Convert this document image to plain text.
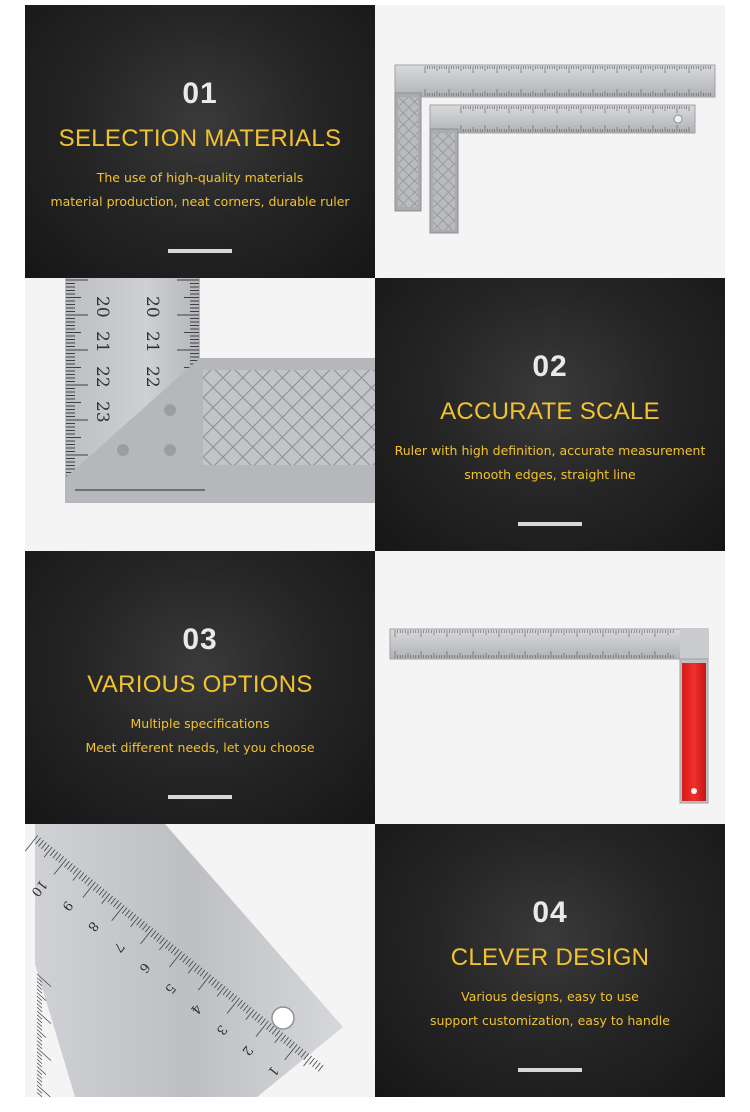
01
SELECTION MATERIALS
The use of high-quality materials
material production, neat corners, durable ruler
20
21
22
23
20
21
22	02
ACCURATE SCALE
Ruler with high definition, accurate measurement
smooth edges, straight line
03
VARIOUS OPTIONS
Multiple specifications
Meet different needs, let you choose
10
9
8
7
6
5
4
3
2
1
04
CLEVER DESIGN
Various designs, easy to use
support customization, easy to handle
